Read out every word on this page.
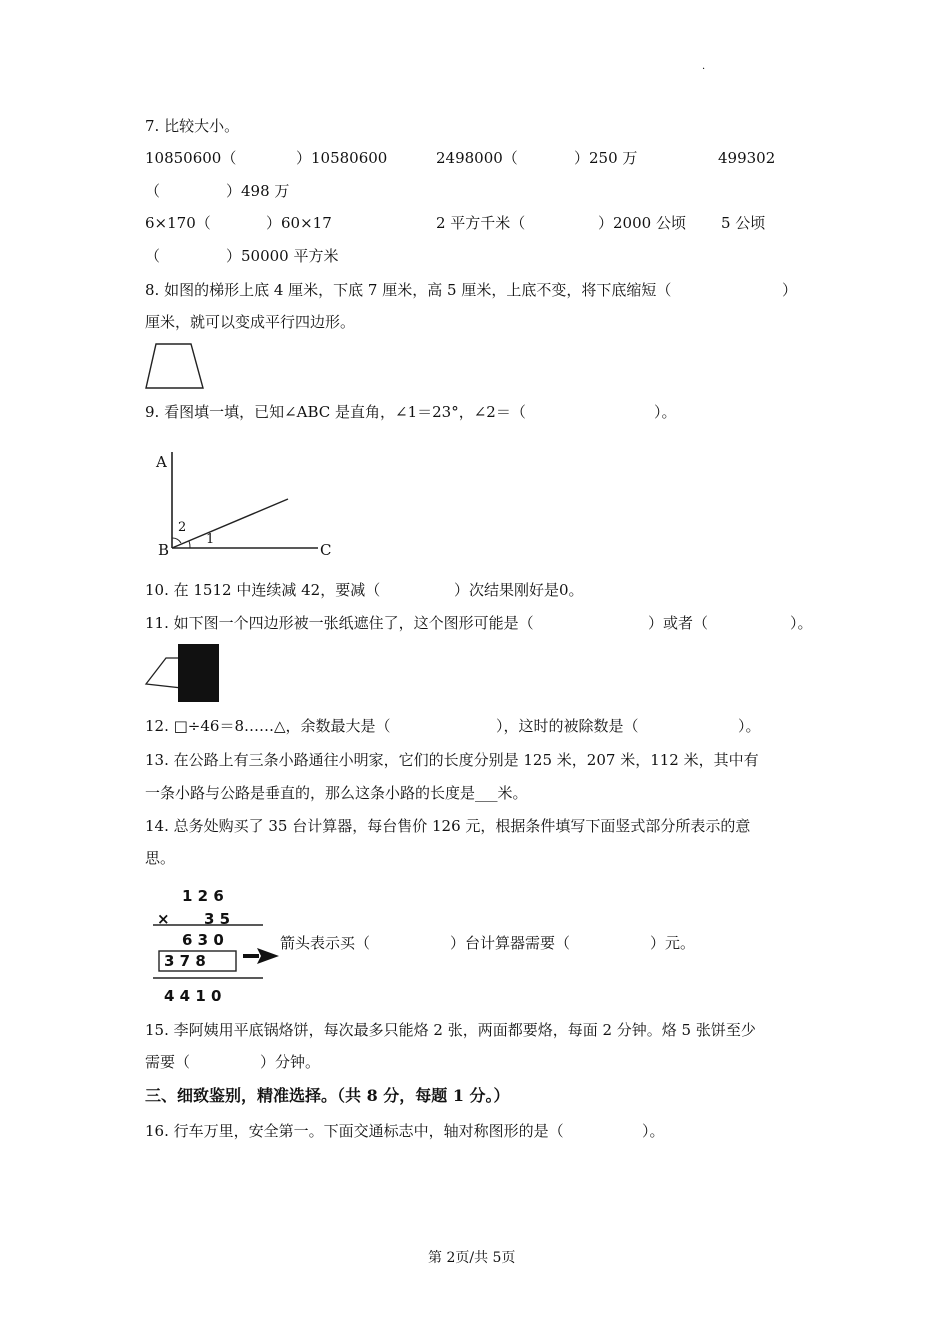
·
7. 比较大小。
10850600（	）10580600	2498000（	）250 万	499302
（	）498 万
6×170（	）60×17	2 平方千米（	）2000 公顷 5 公顷
（	）50000 平方米
8. 如图的梯形上底 4 厘米，下底 7 厘米，高 5 厘米，上底不变，将下底缩短（	）
厘米，就可以变成平行四边形。
9. 看图填一填，已知∠ABC 是直角，∠1＝23°，∠2＝（	）。
A
2
1
B	C
10. 在 1512 中连续减 42，要减（	）次结果刚好是0。
11. 如下图一个四边形被一张纸遮住了，这个图形可能是（	）或者（	）。
12. □÷46＝8……△，余数最大是（	），这时的被除数是（	）。
13. 在公路上有三条小路通往小明家，它们的长度分别是 125 米，207 米，112 米，其中有
一条小路与公路是垂直的，那么这条小路的长度是___米。
14. 总务处购买了 35 台计算器，每台售价 126 元，根据条件填写下面竖式部分所表示的意
思。
1 2 6
× 3 5
6 3 0
3 7 8
4 4 1 0
箭头表示买（	）台计算器需要（	）元。
15. 李阿姨用平底锅烙饼，每次最多只能烙 2 张，两面都要烙，每面 2 分钟。烙 5 张饼至少
需要（	）分钟。
三、细致鉴别，精准选择。（共 8 分，每题 1 分。）
16. 行车万里，安全第一。下面交通标志中，轴对称图形的是（	）。
第 2页/共 5页
